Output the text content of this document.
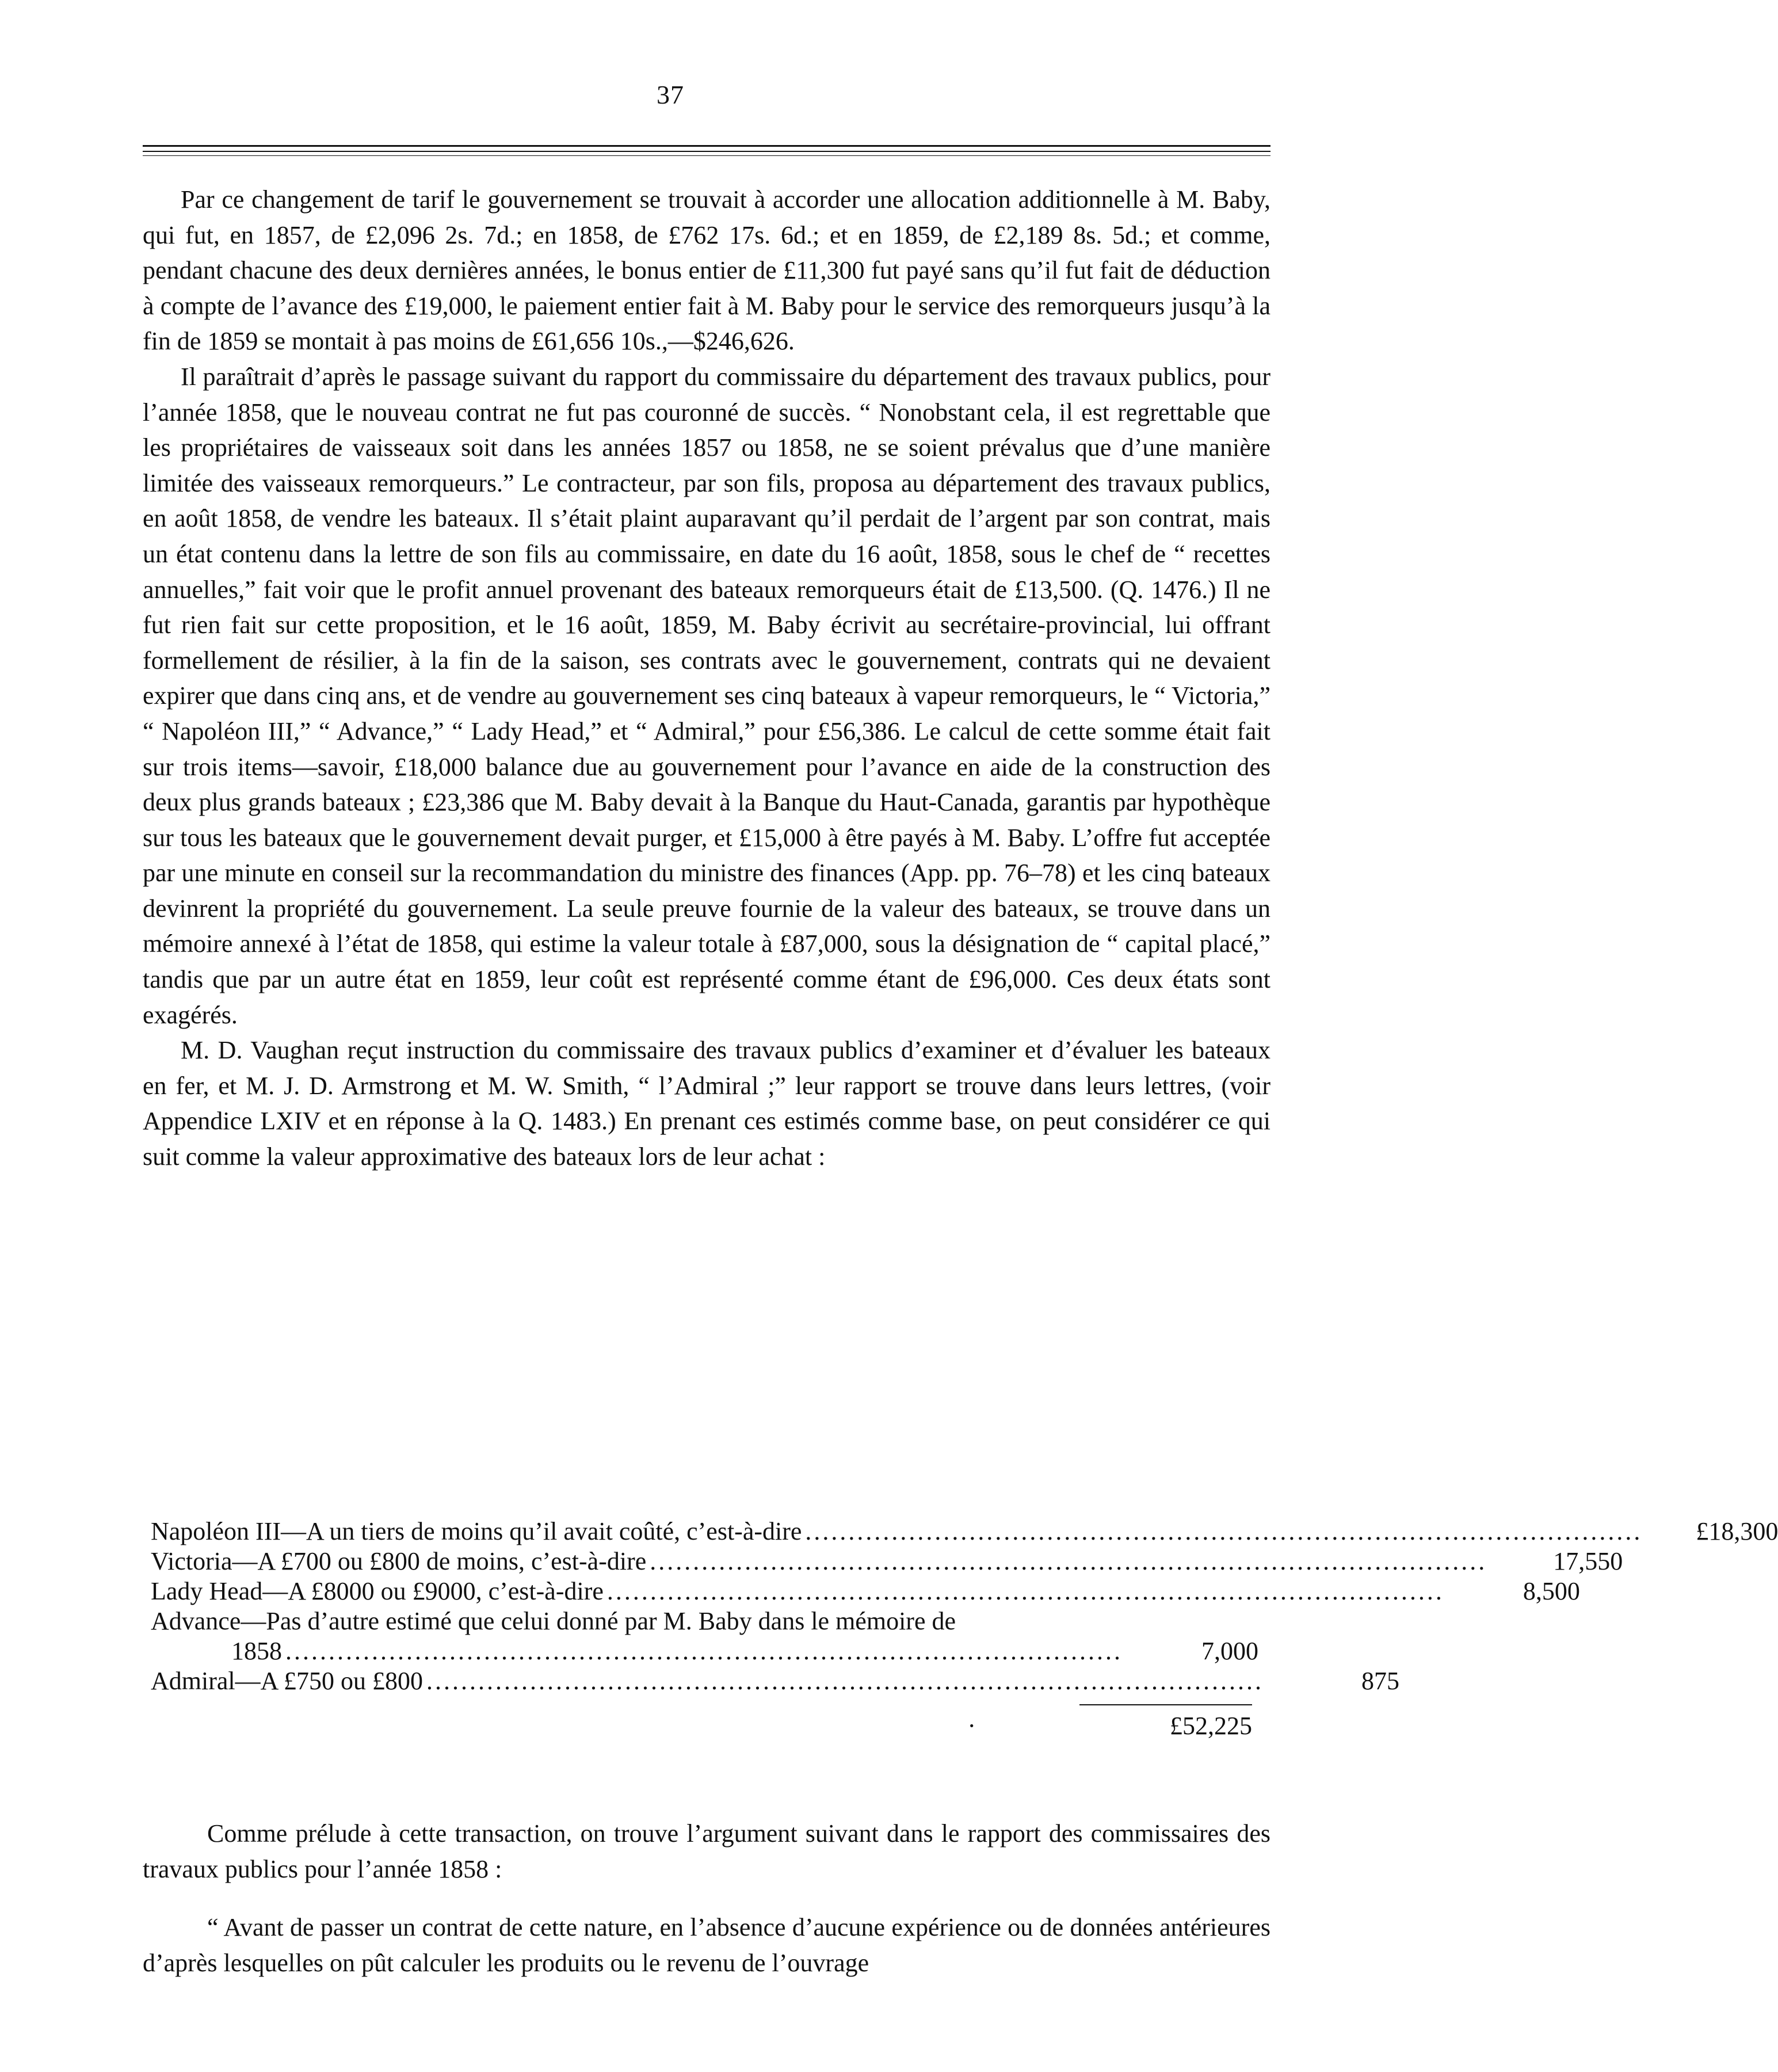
37

Par ce changement de tarif le gouvernement se trouvait à accorder une allocation additionnelle à M. Baby, qui fut, en 1857, de £2,096 2s. 7d.; en 1858, de £762 17s. 6d.; et en 1859, de £2,189 8s. 5d.; et comme, pendant chacune des deux dernières années, le bonus entier de £11,300 fut payé sans qu’il fut fait de déduction à compte de l’avance des £19,000, le paiement entier fait à M. Baby pour le service des remorqueurs jusqu’à la fin de 1859 se montait à pas moins de £61,656 10s.,—$246,626.

Il paraîtrait d’après le passage suivant du rapport du commissaire du département des travaux publics, pour l’année 1858, que le nouveau contrat ne fut pas couronné de succès. “ Nonobstant cela, il est regrettable que les propriétaires de vaisseaux soit dans les années 1857 ou 1858, ne se soient prévalus que d’une manière limitée des vaisseaux remorqueurs.” Le contracteur, par son fils, proposa au département des travaux publics, en août 1858, de vendre les bateaux. Il s’était plaint auparavant qu’il perdait de l’argent par son contrat, mais un état contenu dans la lettre de son fils au commissaire, en date du 16 août, 1858, sous le chef de “ recettes annuelles,” fait voir que le profit annuel provenant des bateaux remorqueurs était de £13,500. (Q. 1476.) Il ne fut rien fait sur cette proposition, et le 16 août, 1859, M. Baby écrivit au secrétaire-provincial, lui offrant formellement de résilier, à la fin de la saison, ses contrats avec le gouvernement, contrats qui ne devaient expirer que dans cinq ans, et de vendre au gouvernement ses cinq bateaux à vapeur remorqueurs, le “ Victoria,” “ Napoléon III,” “ Advance,” “ Lady Head,” et “ Admiral,” pour £56,386. Le calcul de cette somme était fait sur trois items—savoir, £18,000 balance due au gouvernement pour l’avance en aide de la construction des deux plus grands bateaux ; £23,386 que M. Baby devait à la Banque du Haut-Canada, garantis par hypothèque sur tous les bateaux que le gouvernement devait purger, et £15,000 à être payés à M. Baby. L’offre fut acceptée par une minute en conseil sur la recommandation du ministre des finances (App. pp. 76–78) et les cinq bateaux devinrent la propriété du gouvernement. La seule preuve fournie de la valeur des bateaux, se trouve dans un mémoire annexé à l’état de 1858, qui estime la valeur totale à £87,000, sous la désignation de “ capital placé,” tandis que par un autre état en 1859, leur coût est représenté comme étant de £96,000. Ces deux états sont exagérés.

M. D. Vaughan reçut instruction du commissaire des travaux publics d’examiner et d’évaluer les bateaux en fer, et M. J. D. Armstrong et M. W. Smith, “ l’Admiral ;” leur rapport se trouve dans leurs lettres, (voir Appendice LXIV et en réponse à la Q. 1483.) En prenant ces estimés comme base, on peut considérer ce qui suit comme la valeur approximative des bateaux lors de leur achat :

Napoléon III—A un tiers de moins qu’il avait coûté, c’est-à-dire .................................................................................................	£18,300
Victoria—A £700 ou £800 de moins, c’est-à-dire .................................................................................................	17,550
Lady Head—A £8000 ou £9000, c’est-à-dire .................................................................................................	8,500
Advance—Pas d’autre estimé que celui donné par M. Baby dans le mémoire de
1858 .................................................................................................	7,000
Admiral—A £750 ou £800 .................................................................................................	875
·	£52,225

Comme prélude à cette transaction, on trouve l’argument suivant dans le rapport des commissaires des travaux publics pour l’année 1858 :

“ Avant de passer un contrat de cette nature, en l’absence d’aucune expérience ou de données antérieures d’après lesquelles on pût calculer les produits ou le revenu de l’ouvrage
